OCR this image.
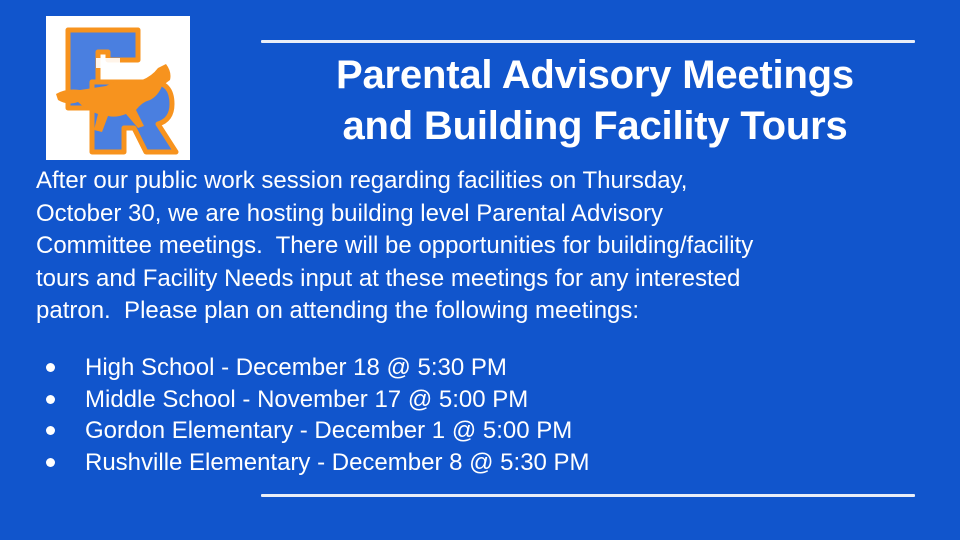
Parental Advisory Meetings
and Building Facility Tours

After our public work session regarding facilities on Thursday,

October 30, we are hosting building level Parental Advisory

Committee meetings.  There will be opportunities for building/facility

tours and Facility Needs input at these meetings for any interested

patron.  Please plan on attending the following meetings:

High School - December 18 @ 5:30 PM
Middle School - November 17 @ 5:00 PM
Gordon Elementary - December 1 @ 5:00 PM
Rushville Elementary - December 8 @ 5:30 PM
